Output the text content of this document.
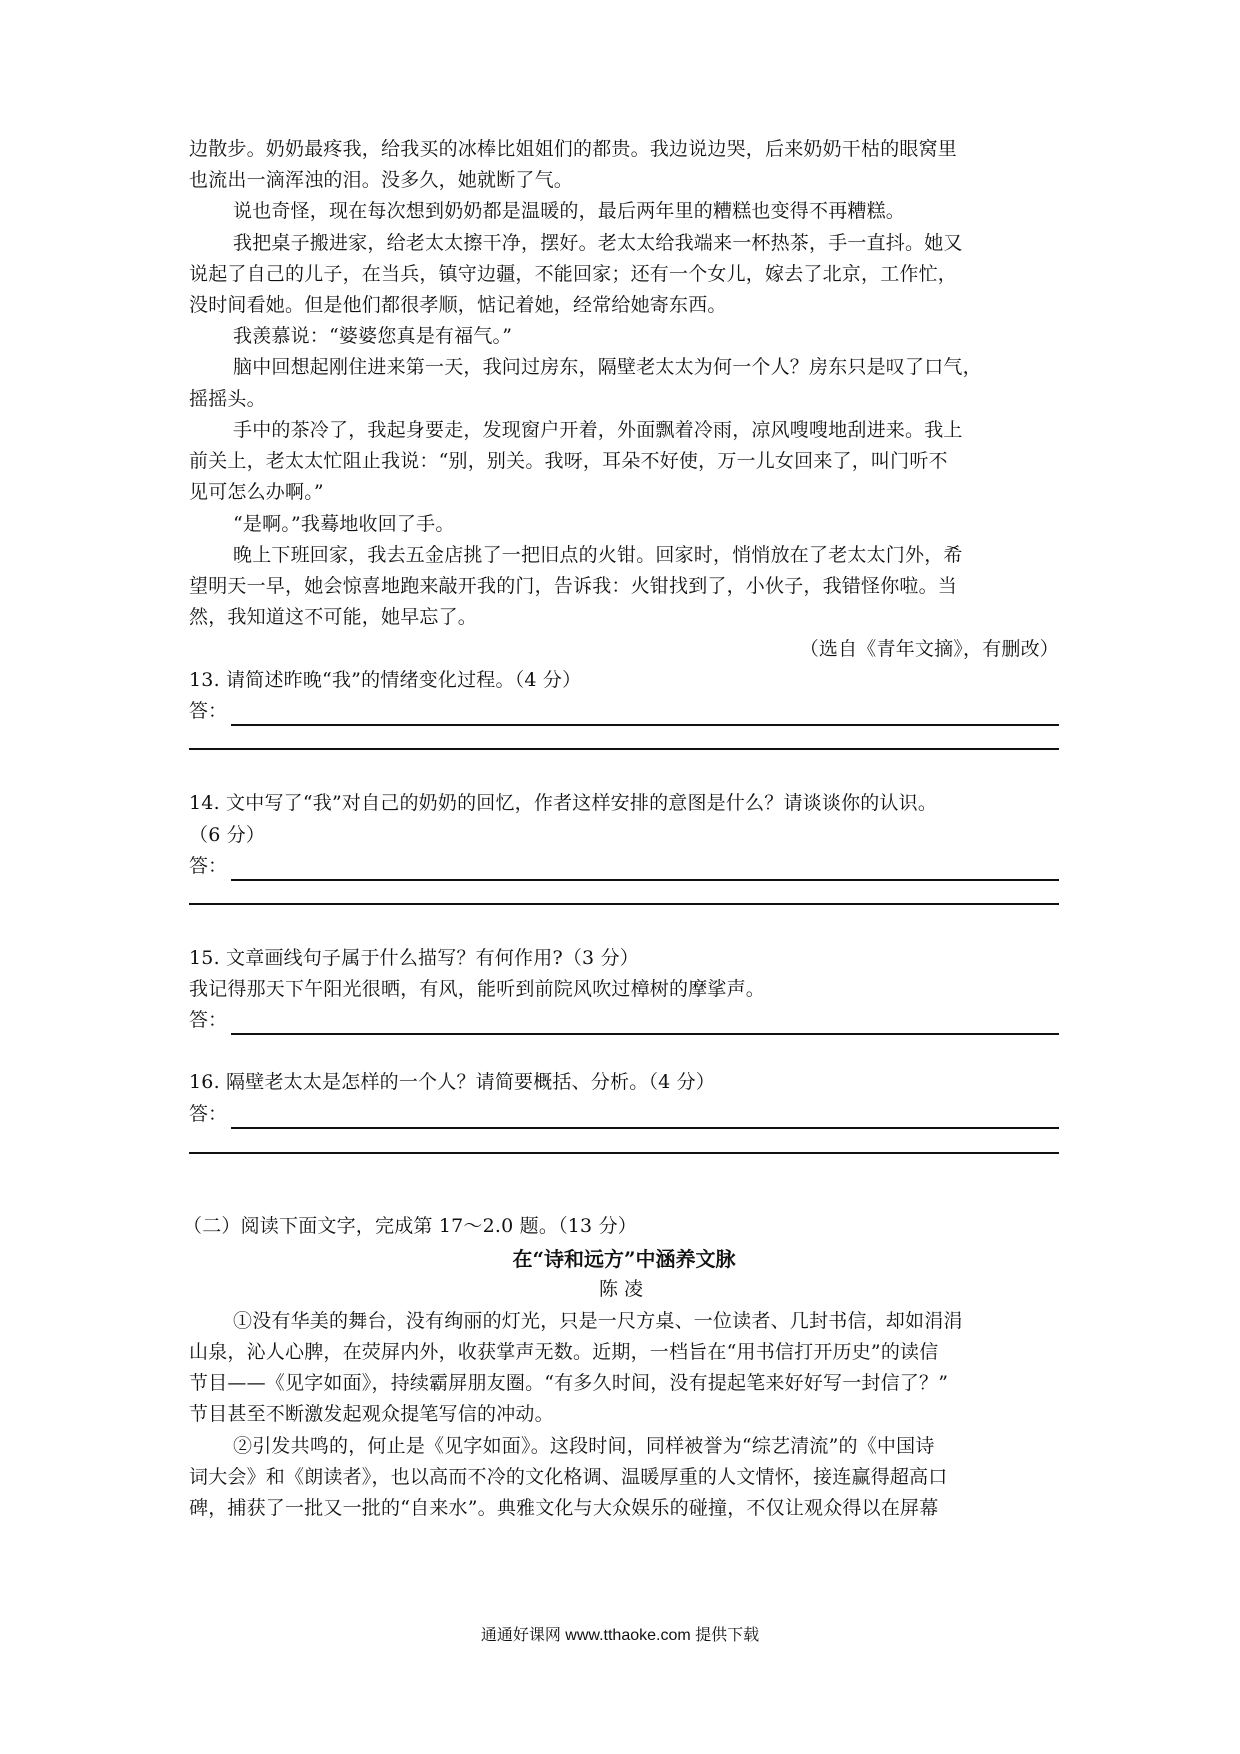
边散步。奶奶最疼我，给我买的冰棒比姐姐们的都贵。我边说边哭，后来奶奶干枯的眼窝里
也流出一滴浑浊的泪。没多久，她就断了气。
说也奇怪，现在每次想到奶奶都是温暖的，最后两年里的糟糕也变得不再糟糕。
我把桌子搬进家，给老太太擦干净，摆好。老太太给我端来一杯热茶，手一直抖。她又
说起了自己的儿子，在当兵，镇守边疆，不能回家；还有一个女儿，嫁去了北京，工作忙，
没时间看她。但是他们都很孝顺，惦记着她，经常给她寄东西。
我羡慕说：“婆婆您真是有福气。”
脑中回想起刚住进来第一天，我问过房东，隔壁老太太为何一个人？房东只是叹了口气，
摇摇头。
手中的茶冷了，我起身要走，发现窗户开着，外面飘着冷雨，凉风嗖嗖地刮进来。我上
前关上，老太太忙阻止我说：“别，别关。我呀，耳朵不好使，万一儿女回来了，叫门听不
见可怎么办啊。”
“是啊。”我蓦地收回了手。
晚上下班回家，我去五金店挑了一把旧点的火钳。回家时，悄悄放在了老太太门外，希
望明天一早，她会惊喜地跑来敲开我的门，告诉我：火钳找到了，小伙子，我错怪你啦。当
然，我知道这不可能，她早忘了。
（选自《青年文摘》，有删改）
13. 请简述昨晚“我”的情绪变化过程。（4 分）
答：
14. 文中写了“我”对自己的奶奶的回忆，作者这样安排的意图是什么？请谈谈你的认识。
（6 分）
答：
15. 文章画线句子属于什么描写？有何作用?（3 分）
我记得那天下午阳光很晒，有风，能听到前院风吹过樟树的摩挲声。
答：
16. 隔壁老太太是怎样的一个人？请简要概括、分析。（4 分）
答：
（二）阅读下面文字，完成第 17～2.0 题。（13 分）
在“诗和远方”中涵养文脉
陈凌
①没有华美的舞台，没有绚丽的灯光，只是一尺方桌、一位读者、几封书信，却如涓涓
山泉，沁人心脾，在荧屏内外，收获掌声无数。近期，一档旨在“用书信打开历史”的读信
节目——《见字如面》，持续霸屏朋友圈。“有多久时间，没有提起笔来好好写一封信了？”
节目甚至不断激发起观众提笔写信的冲动。
②引发共鸣的，何止是《见字如面》。这段时间，同样被誉为“综艺清流”的《中国诗
词大会》和《朗读者》，也以高而不冷的文化格调、温暖厚重的人文情怀，接连赢得超高口
碑，捕获了一批又一批的“自来水”。典雅文化与大众娱乐的碰撞，不仅让观众得以在屏幕
通通好课网 www.tthaoke.com 提供下载
